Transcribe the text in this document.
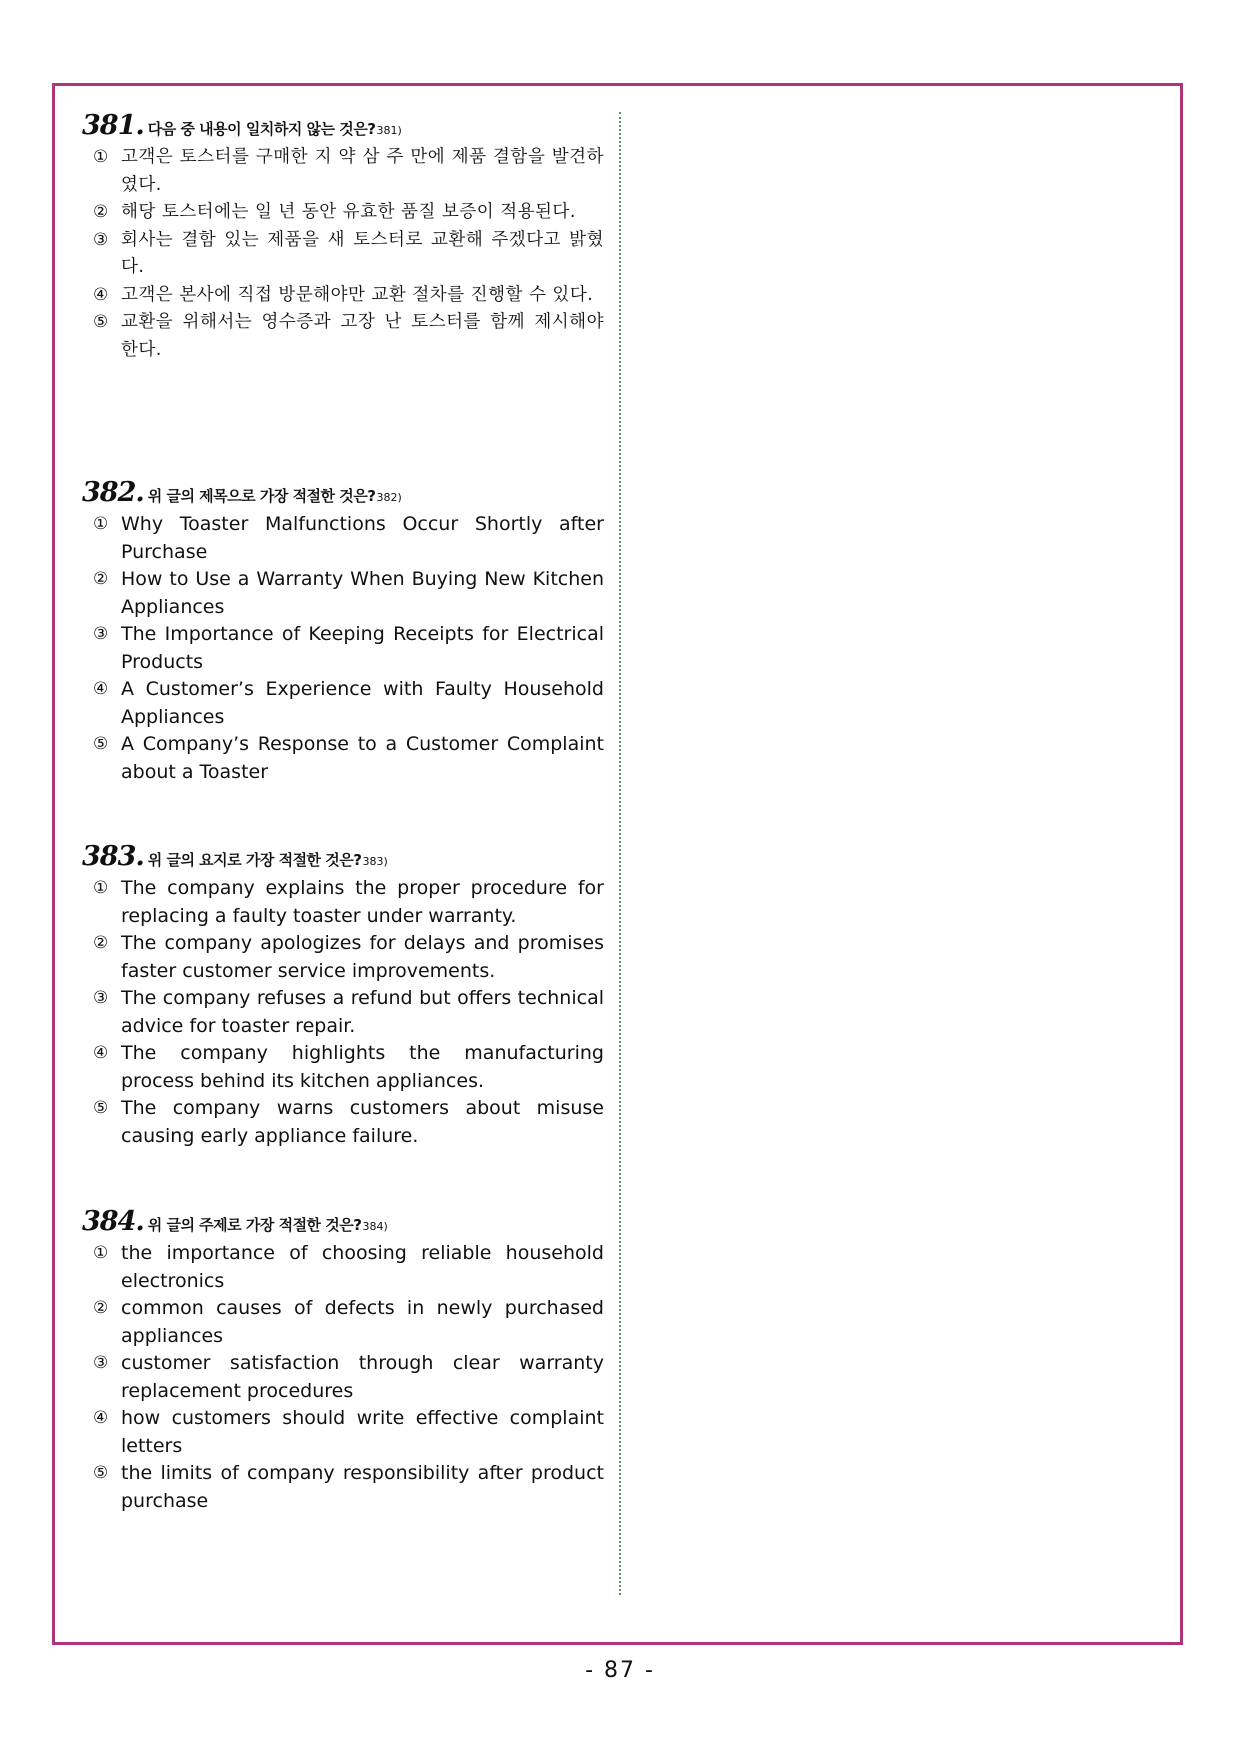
381. 다음 중 내용이 일치하지 않는 것은? 381)
① 고객은 토스터를 구매한 지 약 삼 주 만에 제품 결함을 발견하였다.
② 해당 토스터에는 일 년 동안 유효한 품질 보증이 적용된다.
③ 회사는 결함 있는 제품을 새 토스터로 교환해 주겠다고 밝혔다.
④ 고객은 본사에 직접 방문해야만 교환 절차를 진행할 수 있다.
⑤ 교환을 위해서는 영수증과 고장 난 토스터를 함께 제시해야 한다.
382. 위 글의 제목으로 가장 적절한 것은? 382)
① Why Toaster Malfunctions Occur Shortly after Purchase
② How to Use a Warranty When Buying New Kitchen Appliances
③ The Importance of Keeping Receipts for Electrical Products
④ A Customer’s Experience with Faulty Household Appliances
⑤ A Company’s Response to a Customer Complaint about a Toaster
383. 위 글의 요지로 가장 적절한 것은? 383)
① The company explains the proper procedure for replacing a faulty toaster under warranty.
② The company apologizes for delays and promises faster customer service improvements.
③ The company refuses a refund but offers technical advice for toaster repair.
④ The company highlights the manufacturing process behind its kitchen appliances.
⑤ The company warns customers about misuse causing early appliance failure.
384. 위 글의 주제로 가장 적절한 것은? 384)
① the importance of choosing reliable household electronics
② common causes of defects in newly purchased appliances
③ customer satisfaction through clear warranty replacement procedures
④ how customers should write effective complaint letters
⑤ the limits of company responsibility after product purchase
- 87 -
